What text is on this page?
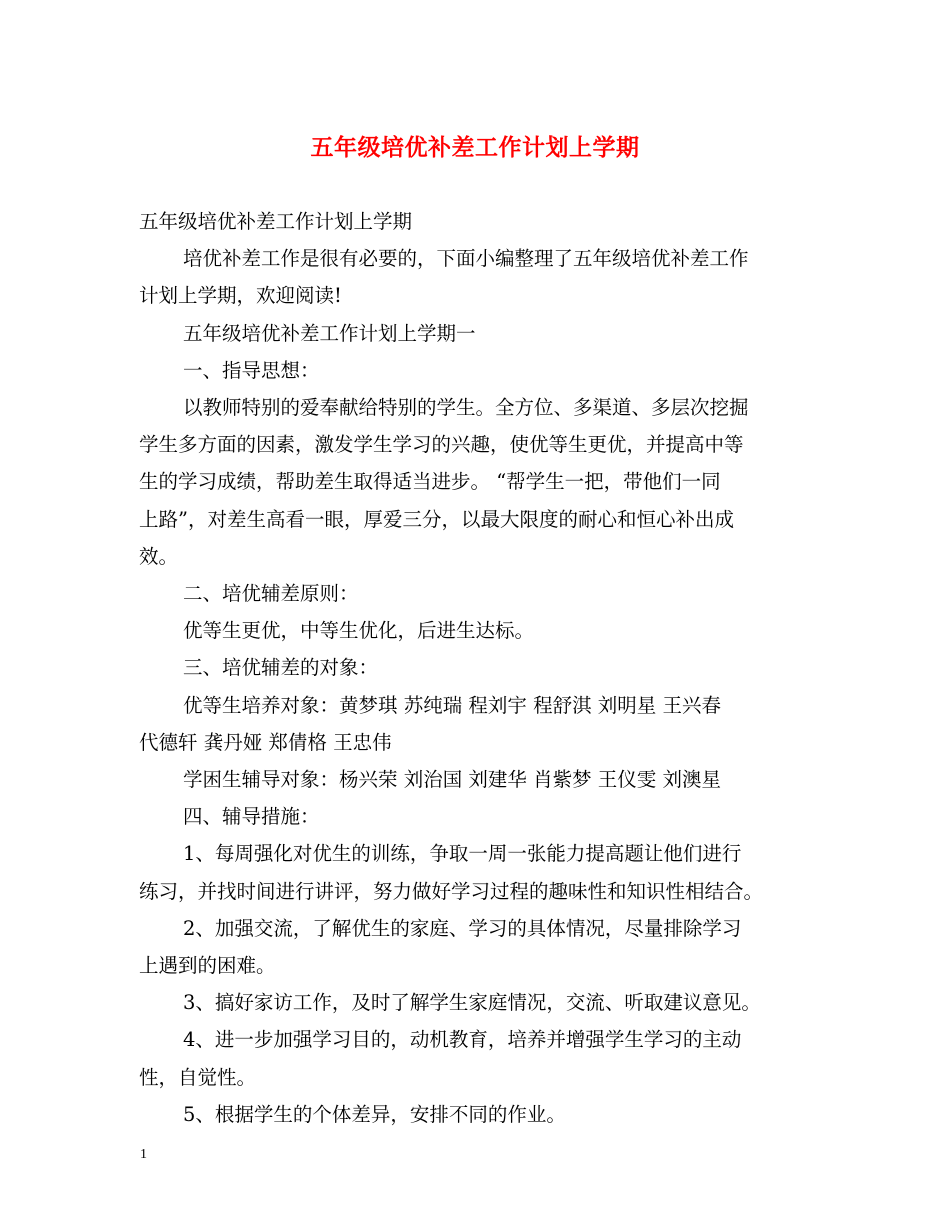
五年级培优补差工作计划上学期
五年级培优补差工作计划上学期
培优补差工作是很有必要的，下面小编整理了五年级培优补差工作
计划上学期，欢迎阅读!
五年级培优补差工作计划上学期一
一、指导思想：
以教师特别的爱奉献给特别的学生。全方位、多渠道、多层次挖掘
学生多方面的因素，激发学生学习的兴趣，使优等生更优，并提高中等
生的学习成绩，帮助差生取得适当进步。 “帮学生一把，带他们一同
上路”，对差生高看一眼，厚爱三分，以最大限度的耐心和恒心补出成
效。
二、培优辅差原则：
优等生更优，中等生优化，后进生达标。
三、培优辅差的对象：
优等生培养对象：黄梦琪 苏纯瑞 程刘宇 程舒淇 刘明星 王兴春
代德轩 龚丹娅 郑倩格 王忠伟
学困生辅导对象：杨兴荣 刘治国 刘建华 肖紫梦 王仪雯 刘澳星
四、辅导措施：
1、每周强化对优生的训练，争取一周一张能力提高题让他们进行
练习，并找时间进行讲评，努力做好学习过程的趣味性和知识性相结合。
2、加强交流，了解优生的家庭、学习的具体情况，尽量排除学习
上遇到的困难。
3、搞好家访工作，及时了解学生家庭情况，交流、听取建议意见。
4、进一步加强学习目的，动机教育，培养并增强学生学习的主动
性，自觉性。
5、根据学生的个体差异，安排不同的作业。
1
